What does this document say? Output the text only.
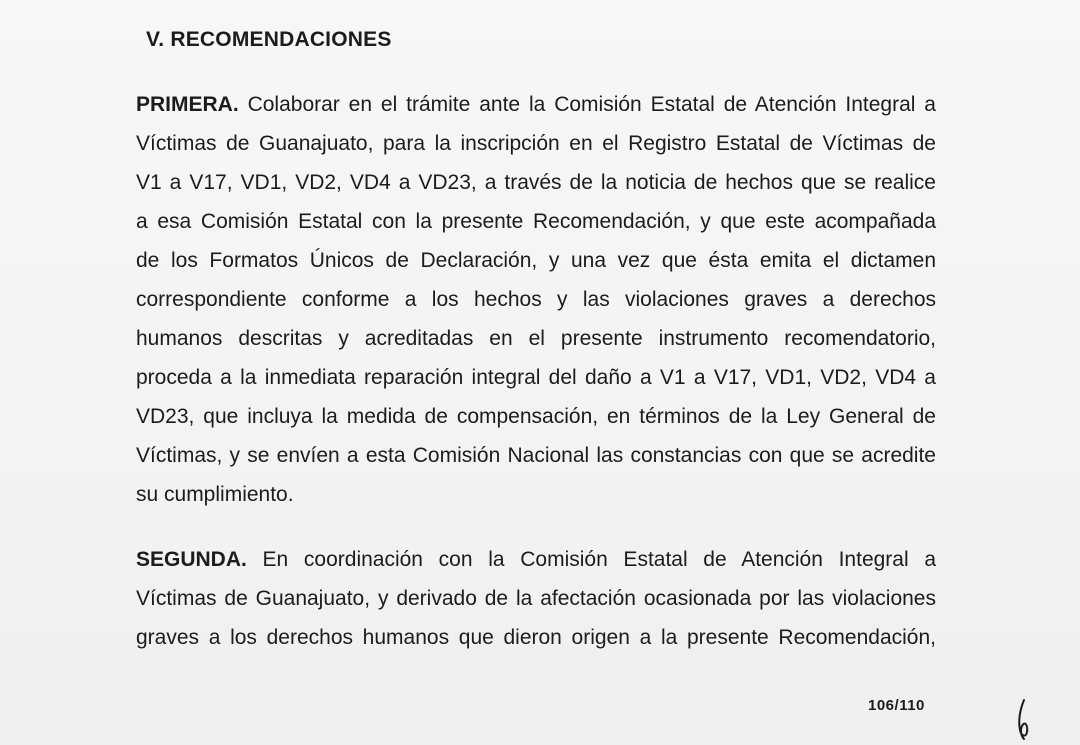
V. RECOMENDACIONES

PRIMERA. Colaborar en el trámite ante la Comisión Estatal de Atención Integral a
Víctimas de Guanajuato, para la inscripción en el Registro Estatal de Víctimas de
V1 a V17, VD1, VD2, VD4 a VD23, a través de la noticia de hechos que se realice
a esa Comisión Estatal con la presente Recomendación, y que este acompañada
de los Formatos Únicos de Declaración, y una vez que ésta emita el dictamen
correspondiente conforme a los hechos y las violaciones graves a derechos
humanos descritas y acreditadas en el presente instrumento recomendatorio,
proceda a la inmediata reparación integral del daño a V1 a V17, VD1, VD2, VD4 a
VD23, que incluya la medida de compensación, en términos de la Ley General de
Víctimas, y se envíen a esta Comisión Nacional las constancias con que se acredite
su cumplimiento.

SEGUNDA. En coordinación con la Comisión Estatal de Atención Integral a
Víctimas de Guanajuato, y derivado de la afectación ocasionada por las violaciones
graves a los derechos humanos que dieron origen a la presente Recomendación,

106/110
